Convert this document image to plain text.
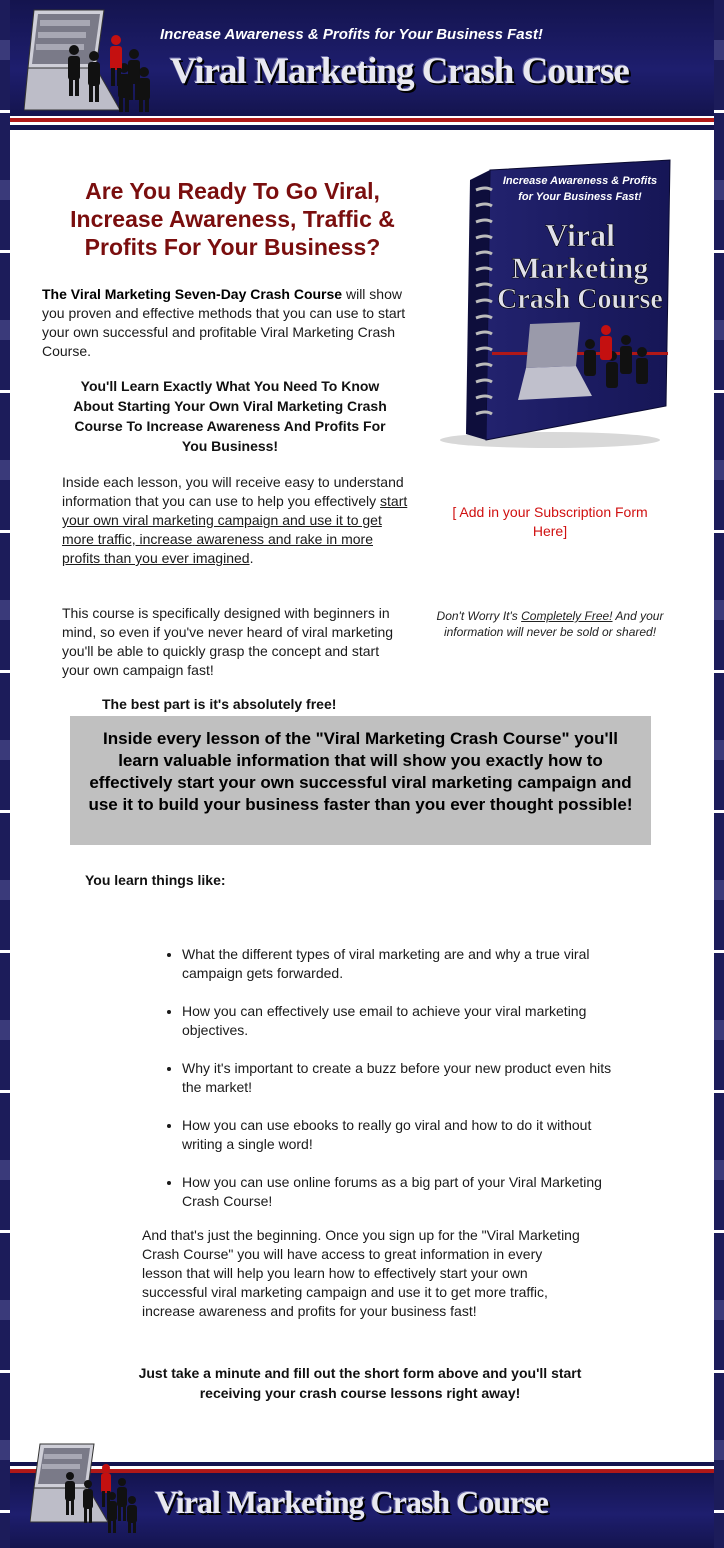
Increase Awareness & Profits for Your Business Fast!
Viral Marketing Crash Course
Are You Ready To Go Viral, Increase Awareness, Traffic & Profits For Your Business?
The Viral Marketing Seven-Day Crash Course will show you proven and effective methods that you can use to start your own successful and profitable Viral Marketing Crash Course.
You'll Learn Exactly What You Need To Know About Starting Your Own Viral Marketing Crash Course To Increase Awareness And Profits For You Business!
Inside each lesson, you will receive easy to understand information that you can use to help you effectively start your own viral marketing campaign and use it to get more traffic, increase awareness and rake in more profits than you ever imagined.
This course is specifically designed with beginners in mind, so even if you've never heard of viral marketing you'll be able to quickly grasp the concept and start your own campaign fast!
The best part is it's absolutely free!
Increase Awareness & Profits
for Your Business Fast!
Viral
Marketing
Crash Course
[ Add in your Subscription Form Here]
Don't Worry It's Completely Free! And your information will never be sold or shared!

Inside every lesson of the "Viral Marketing Crash Course" you'll learn valuable information that will show you exactly how to effectively start your own successful viral marketing campaign and use it to build your business faster than you ever thought possible!

You learn things like:
• What the different types of viral marketing are and why a true viral campaign gets forwarded.
• How you can effectively use email to achieve your viral marketing objectives.
• Why it's important to create a buzz before your new product even hits the market!
• How you can use ebooks to really go viral and how to do it without writing a single word!
• How you can use online forums as a big part of your Viral Marketing Crash Course!
And that's just the beginning. Once you sign up for the "Viral Marketing Crash Course" you will have access to great information in every lesson that will help you learn how to effectively start your own successful viral marketing campaign and use it to get more traffic, increase awareness and profits for your business fast!
Just take a minute and fill out the short form above and you'll start receiving your crash course lessons right away!
Viral Marketing Crash Course
